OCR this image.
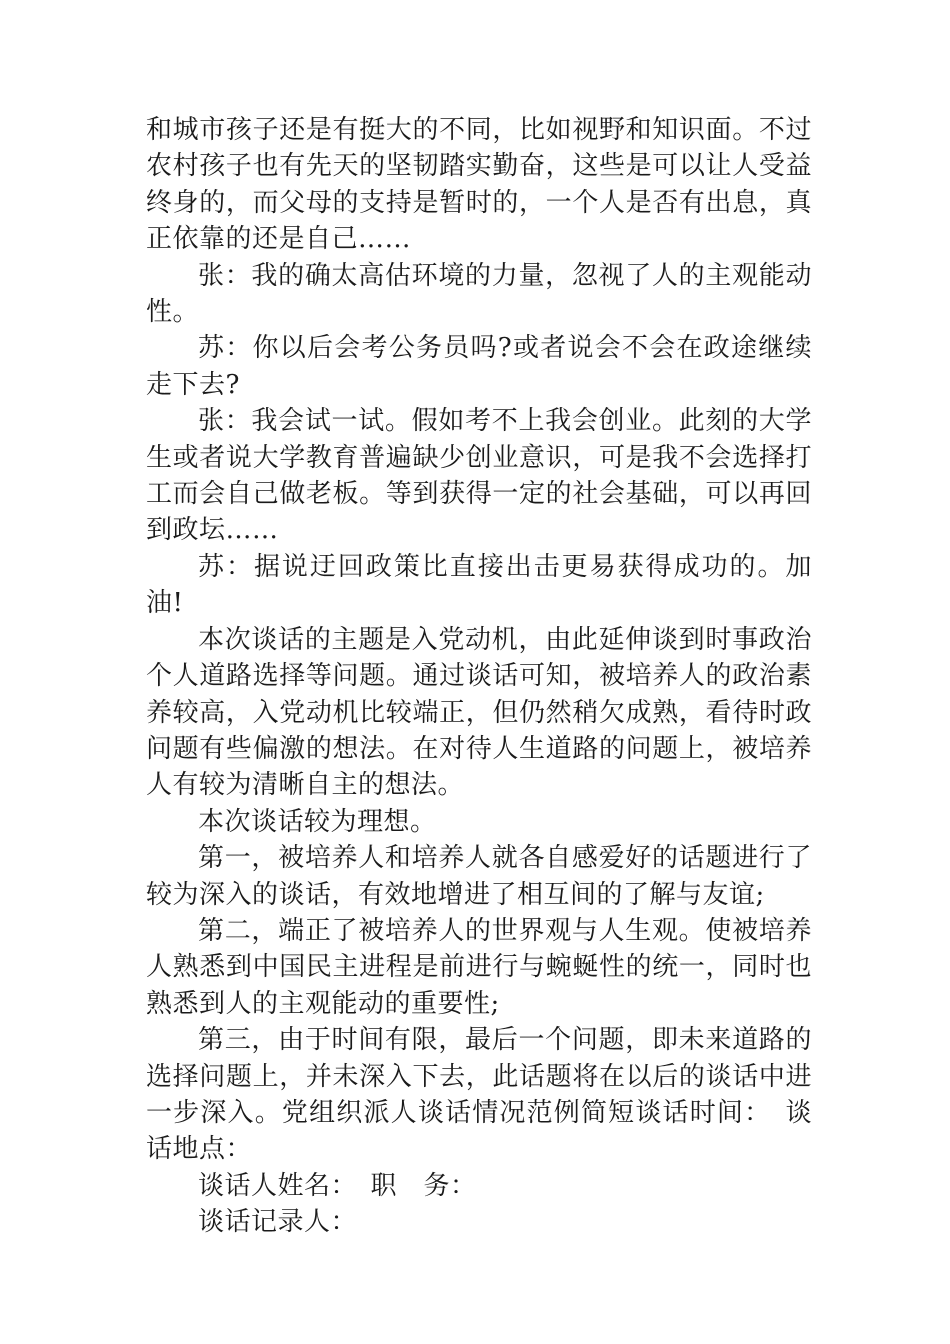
和城市孩子还是有挺大的不同，比如视野和知识面。不过农村孩子也有先天的坚韧踏实勤奋，这些是可以让人受益终身的，而父母的支持是暂时的，一个人是否有出息，真正依靠的还是自己……

张：我的确太高估环境的力量，忽视了人的主观能动性。

苏：你以后会考公务员吗?或者说会不会在政途继续走下去?

张：我会试一试。假如考不上我会创业。此刻的大学生或者说大学教育普遍缺少创业意识，可是我不会选择打工而会自己做老板。等到获得一定的社会基础，可以再回到政坛……

苏：据说迂回政策比直接出击更易获得成功的。加油!

本次谈话的主题是入党动机，由此延伸谈到时事政治个人道路选择等问题。通过谈话可知，被培养人的政治素养较高，入党动机比较端正，但仍然稍欠成熟，看待时政问题有些偏激的想法。在对待人生道路的问题上，被培养人有较为清晰自主的想法。

本次谈话较为理想。

第一，被培养人和培养人就各自感爱好的话题进行了较为深入的谈话，有效地增进了相互间的了解与友谊;

第二，端正了被培养人的世界观与人生观。使被培养人熟悉到中国民主进程是前进行与蜿蜒性的统一，同时也熟悉到人的主观能动的重要性;

第三，由于时间有限，最后一个问题，即未来道路的选择问题上，并未深入下去，此话题将在以后的谈话中进一步深入。党组织派人谈话情况范例简短谈话时间：　谈话地点：

谈话人姓名：　职　务：

谈话记录人：
